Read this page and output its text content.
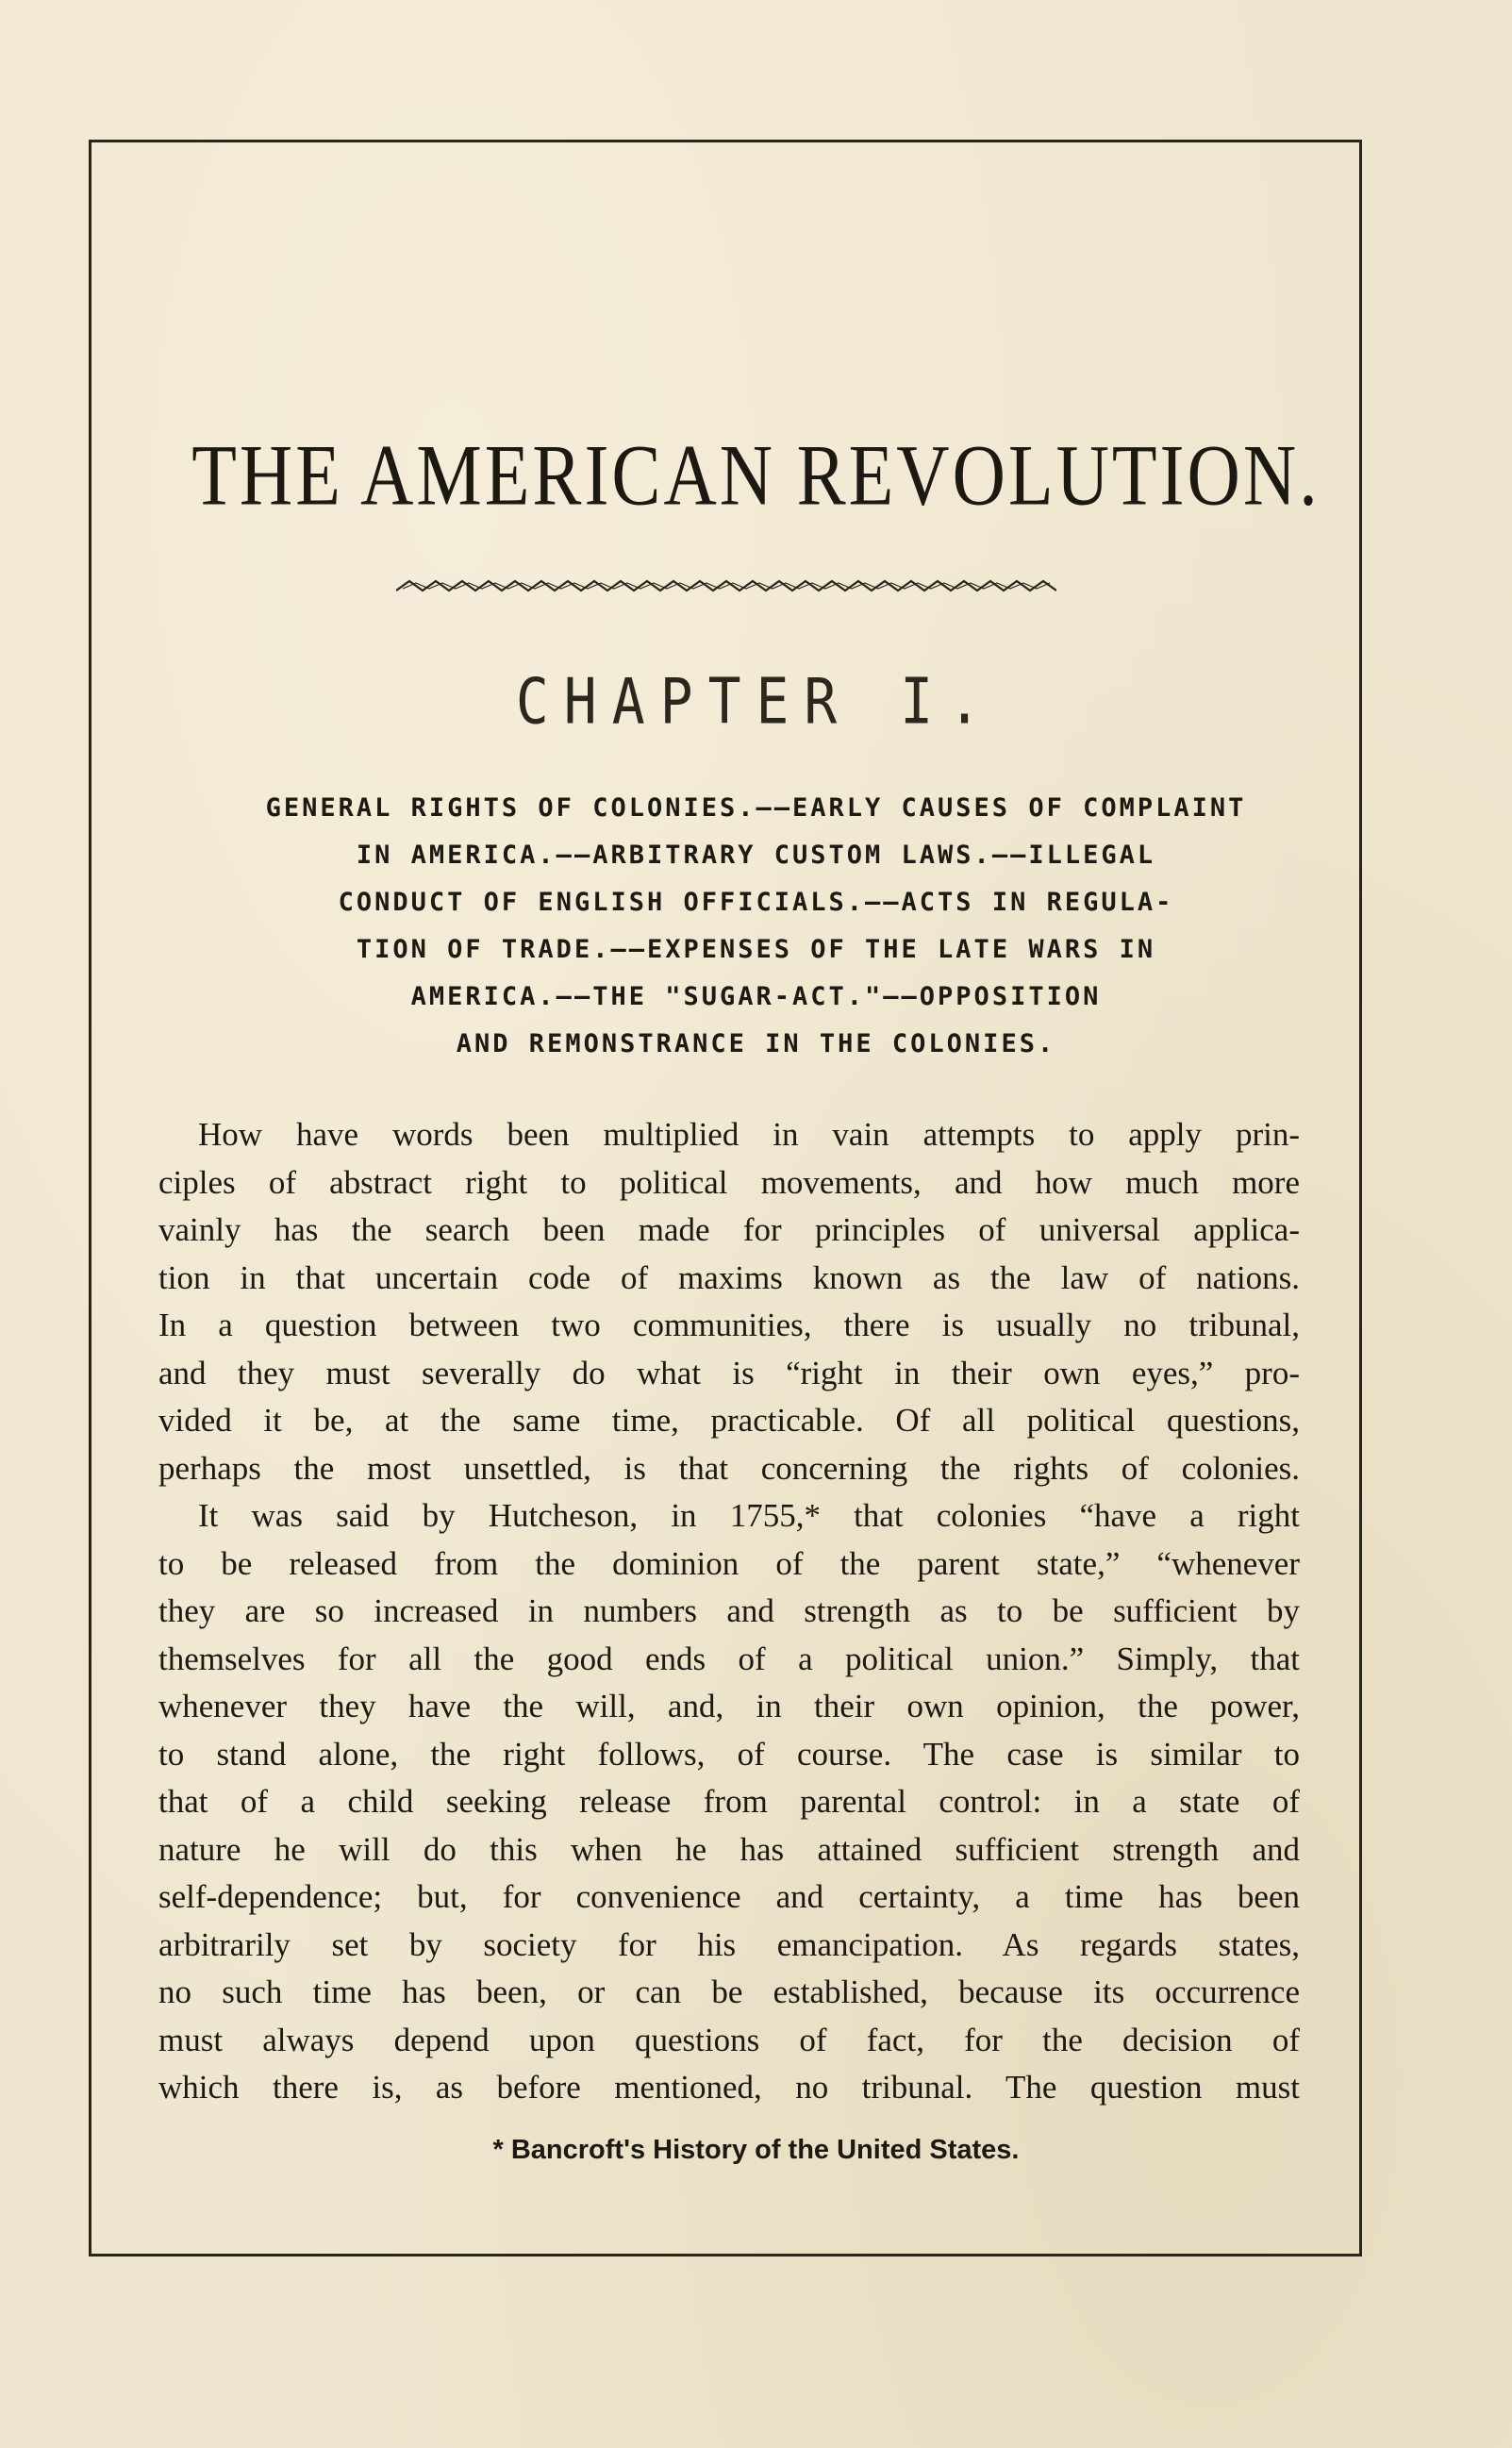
THE AMERICAN REVOLUTION.
CHAPTER I.
GENERAL RIGHTS OF COLONIES.——EARLY CAUSES OF COMPLAINT
IN AMERICA.——ARBITRARY CUSTOM LAWS.——ILLEGAL
CONDUCT OF ENGLISH OFFICIALS.——ACTS IN REGULA-
TION OF TRADE.——EXPENSES OF THE LATE WARS IN
AMERICA.——THE "SUGAR-ACT."——OPPOSITION
AND REMONSTRANCE IN THE COLONIES.
How have words been multiplied in vain attempts to apply prin-
ciples of abstract right to political movements, and how much more
vainly has the search been made for principles of universal applica-
tion in that uncertain code of maxims known as the law of nations.
In a question between two communities, there is usually no tribunal,
and they must severally do what is “right in their own eyes,” pro-
vided it be, at the same time, practicable. Of all political questions,
perhaps the most unsettled, is that concerning the rights of colonies.
It was said by Hutcheson, in 1755,* that colonies “have a right
to be released from the dominion of the parent state,” “whenever
they are so increased in numbers and strength as to be sufficient by
themselves for all the good ends of a political union.” Simply, that
whenever they have the will, and, in their own opinion, the power,
to stand alone, the right follows, of course. The case is similar to
that of a child seeking release from parental control: in a state of
nature he will do this when he has attained sufficient strength and
self-dependence; but, for convenience and certainty, a time has been
arbitrarily set by society for his emancipation. As regards states,
no such time has been, or can be established, because its occurrence
must always depend upon questions of fact, for the decision of
which there is, as before mentioned, no tribunal. The question must
* Bancroft's History of the United States.
